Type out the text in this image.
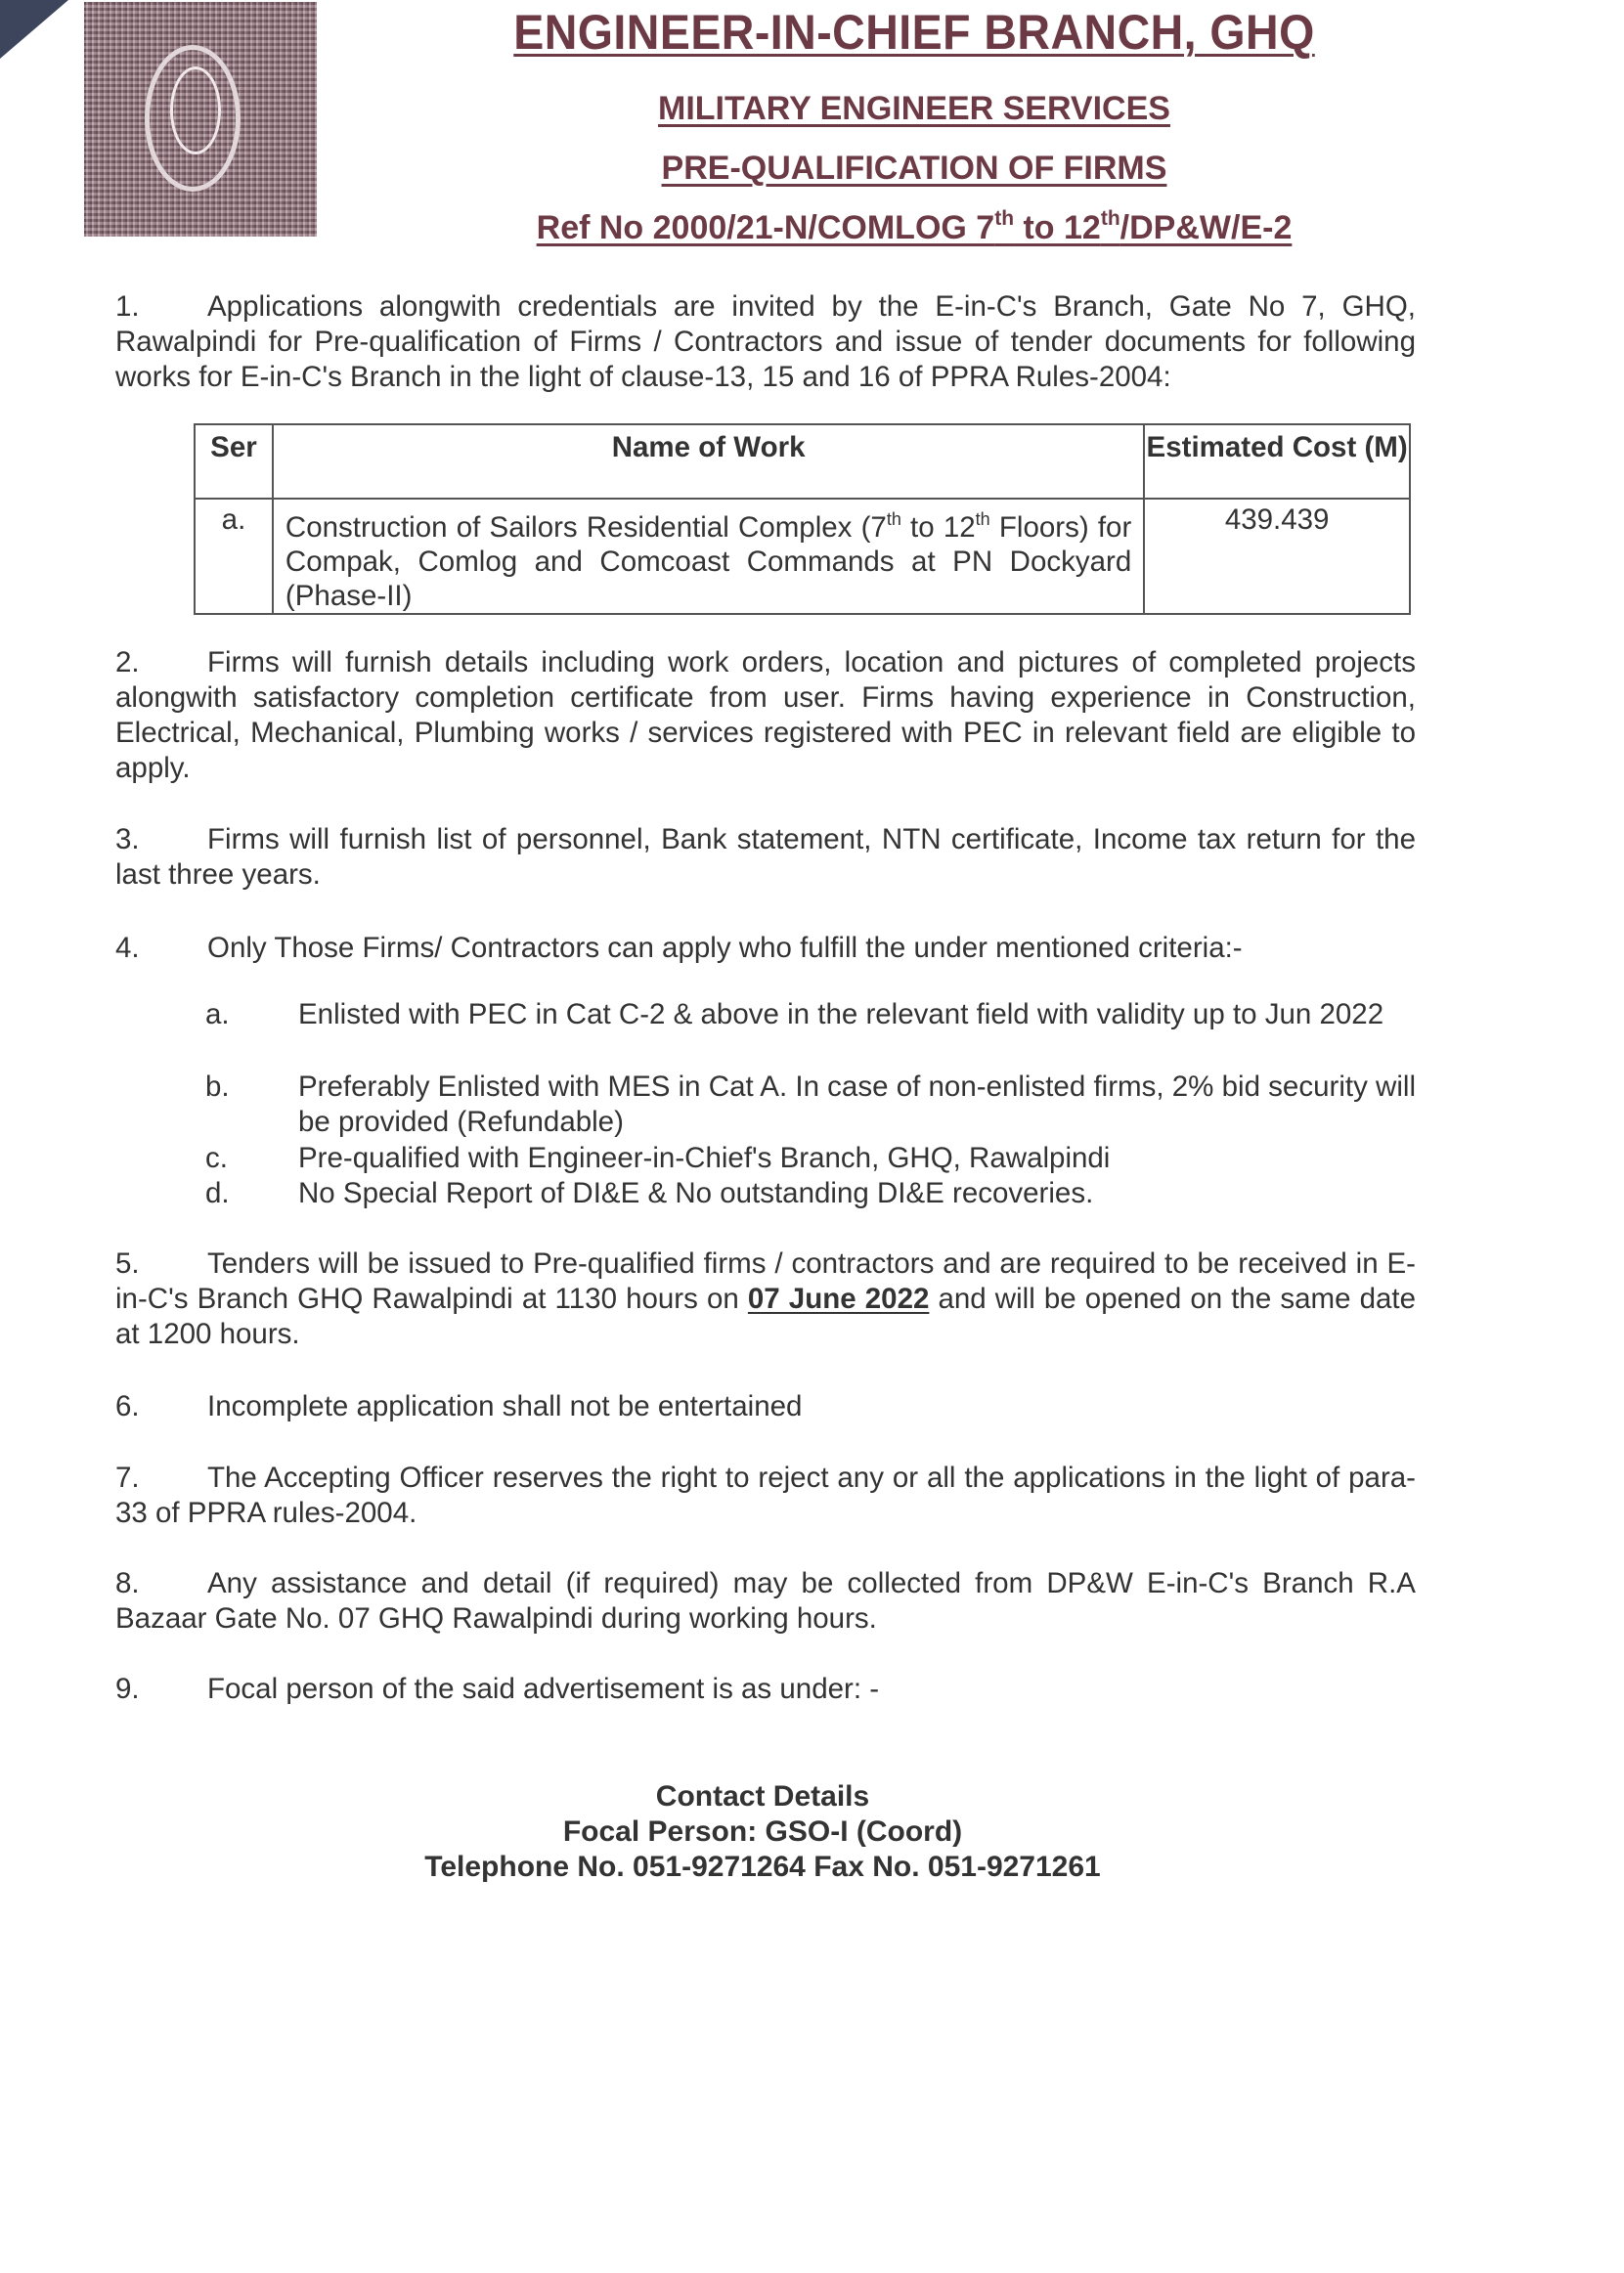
ENGINEER-IN-CHIEF BRANCH, GHQ
MILITARY ENGINEER SERVICES
PRE-QUALIFICATION OF FIRMS
Ref No 2000/21-N/COMLOG 7th to 12th/DP&W/E-2
1. Applications alongwith credentials are invited by the E-in-C's Branch, Gate No 7, GHQ, Rawalpindi for Pre-qualification of Firms / Contractors and issue of tender documents for following works for E-in-C's Branch in the light of clause-13, 15 and 16 of PPRA Rules-2004:
Ser	Name of Work	Estimated Cost (M)
a.	Construction of Sailors Residential Complex (7th to 12th Floors) for Compak, Comlog and Comcoast Commands at PN Dockyard (Phase-II)	439.439
2. Firms will furnish details including work orders, location and pictures of completed projects alongwith satisfactory completion certificate from user. Firms having experience in Construction, Electrical, Mechanical, Plumbing works / services registered with PEC in relevant field are eligible to apply.
3. Firms will furnish list of personnel, Bank statement, NTN certificate, Income tax return for the last three years.
4. Only Those Firms/ Contractors can apply who fulfill the under mentioned criteria:-
a. Enlisted with PEC in Cat C-2 & above in the relevant field with validity up to Jun 2022
b. Preferably Enlisted with MES in Cat A. In case of non-enlisted firms, 2% bid security will be provided (Refundable)
c. Pre-qualified with Engineer-in-Chief's Branch, GHQ, Rawalpindi
d. No Special Report of DI&E & No outstanding DI&E recoveries.
5. Tenders will be issued to Pre-qualified firms / contractors and are required to be received in E-in-C's Branch GHQ Rawalpindi at 1130 hours on 07 June 2022 and will be opened on the same date at 1200 hours.
6. Incomplete application shall not be entertained
7. The Accepting Officer reserves the right to reject any or all the applications in the light of para-33 of PPRA rules-2004.
8. Any assistance and detail (if required) may be collected from DP&W E-in-C's Branch R.A Bazaar Gate No. 07 GHQ Rawalpindi during working hours.
9. Focal person of the said advertisement is as under: -
Contact Details
Focal Person: GSO-I (Coord)
Telephone No. 051-9271264 Fax No. 051-9271261
